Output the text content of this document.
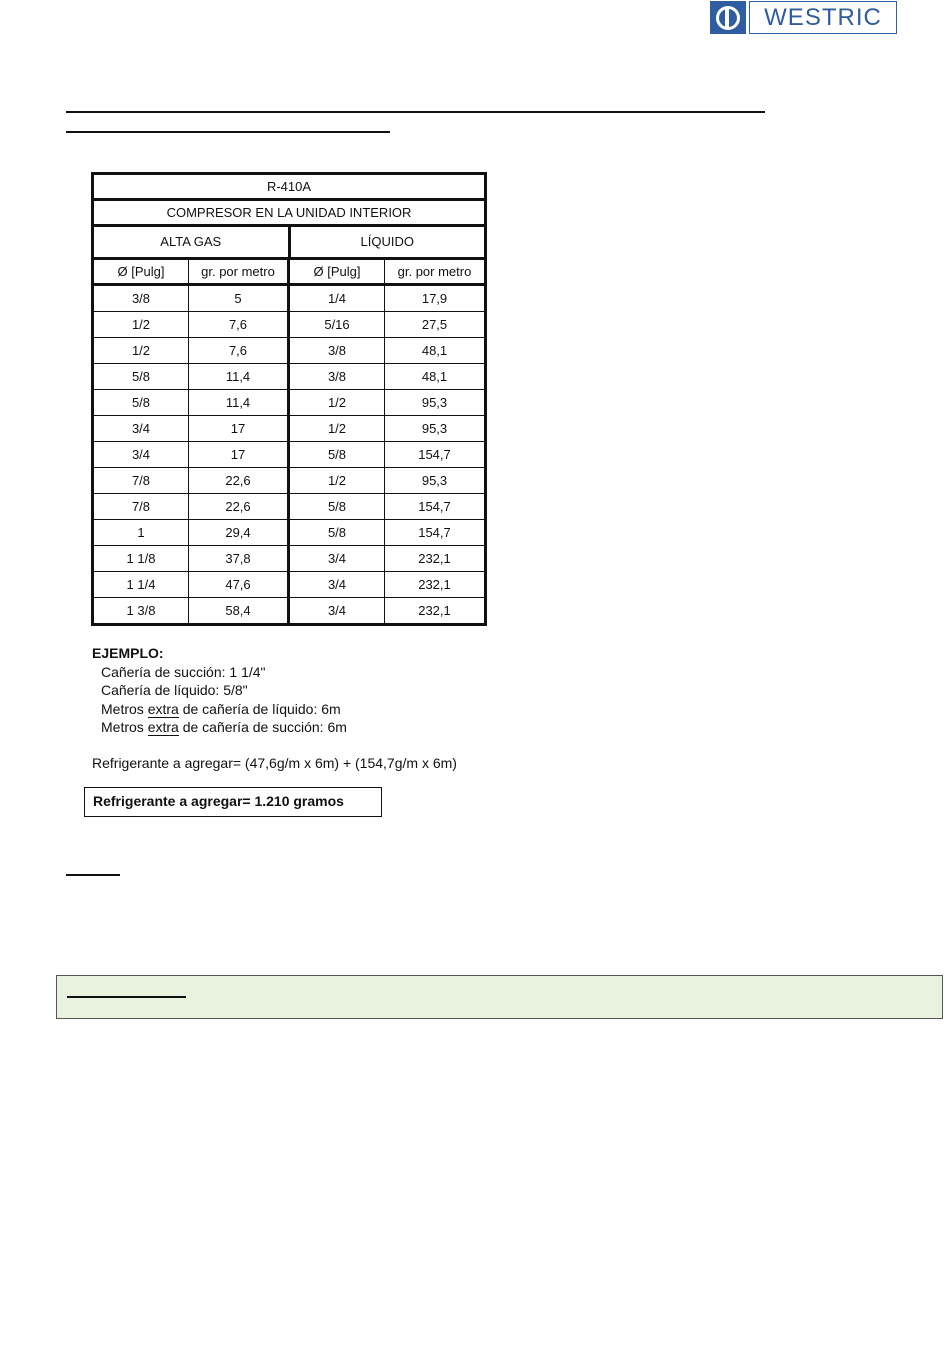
WESTRIC
R-410A
COMPRESOR EN LA UNIDAD INTERIOR
ALTA GAS	LÍQUIDO
Ø [Pulg]	gr. por metro	Ø [Pulg]	gr. por metro
3/8	5	1/4	17,9
1/2	7,6	5/16	27,5
1/2	7,6	3/8	48,1
5/8	11,4	3/8	48,1
5/8	11,4	1/2	95,3
3/4	17	1/2	95,3
3/4	17	5/8	154,7
7/8	22,6	1/2	95,3
7/8	22,6	5/8	154,7
1	29,4	5/8	154,7
1 1/8	37,8	3/4	232,1
1 1/4	47,6	3/4	232,1
1 3/8	58,4	3/4	232,1
EJEMPLO:
Cañería de succión: 1 1/4"
Cañería de líquido: 5/8"
Metros extra de cañería de líquido: 6m
Metros extra de cañería de succión: 6m
Refrigerante a agregar= (47,6g/m x 6m) + (154,7g/m x 6m)
Refrigerante a agregar= 1.210 gramos
